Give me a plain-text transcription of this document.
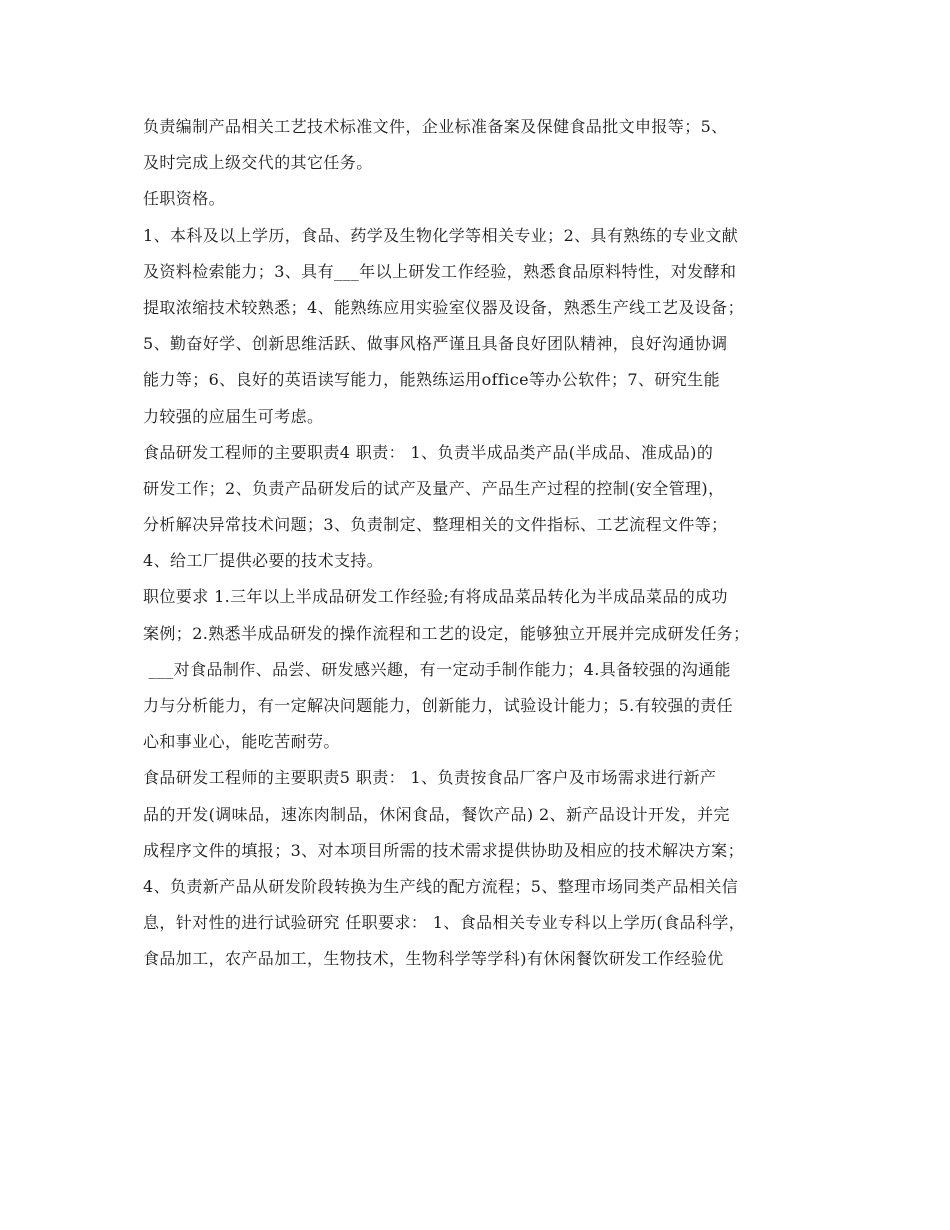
负责编制产品相关工艺技术标准文件，企业标准备案及保健食品批文申报等；5、
及时完成上级交代的其它任务。
任职资格。
1、本科及以上学历，食品、药学及生物化学等相关专业；2、具有熟练的专业文献
及资料检索能力；3、具有___年以上研发工作经验，熟悉食品原料特性，对发酵和
提取浓缩技术较熟悉；4、能熟练应用实验室仪器及设备，熟悉生产线工艺及设备；
5、勤奋好学、创新思维活跃、做事风格严谨且具备良好团队精神，良好沟通协调
能力等；6、良好的英语读写能力，能熟练运用office等办公软件；7、研究生能
力较强的应届生可考虑。
食品研发工程师的主要职责4 职责： 1、负责半成品类产品(半成品、准成品)的
研发工作；2、负责产品研发后的试产及量产、产品生产过程的控制(安全管理)，
分析解决异常技术问题；3、负责制定、整理相关的文件指标、工艺流程文件等；
4、给工厂提供必要的技术支持。
职位要求 1.三年以上半成品研发工作经验;有将成品菜品转化为半成品菜品的成功
案例；2.熟悉半成品研发的操作流程和工艺的设定，能够独立开展并完成研发任务；
___对食品制作、品尝、研发感兴趣，有一定动手制作能力；4.具备较强的沟通能
力与分析能力，有一定解决问题能力，创新能力，试验设计能力；5.有较强的责任
心和事业心，能吃苦耐劳。
食品研发工程师的主要职责5 职责： 1、负责按食品厂客户及市场需求进行新产
品的开发(调味品，速冻肉制品，休闲食品，餐饮产品) 2、新产品设计开发，并完
成程序文件的填报；3、对本项目所需的技术需求提供协助及相应的技术解决方案；
4、负责新产品从研发阶段转换为生产线的配方流程；5、整理市场同类产品相关信
息，针对性的进行试验研究 任职要求： 1、食品相关专业专科以上学历(食品科学，
食品加工，农产品加工，生物技术，生物科学等学科)有休闲餐饮研发工作经验优
